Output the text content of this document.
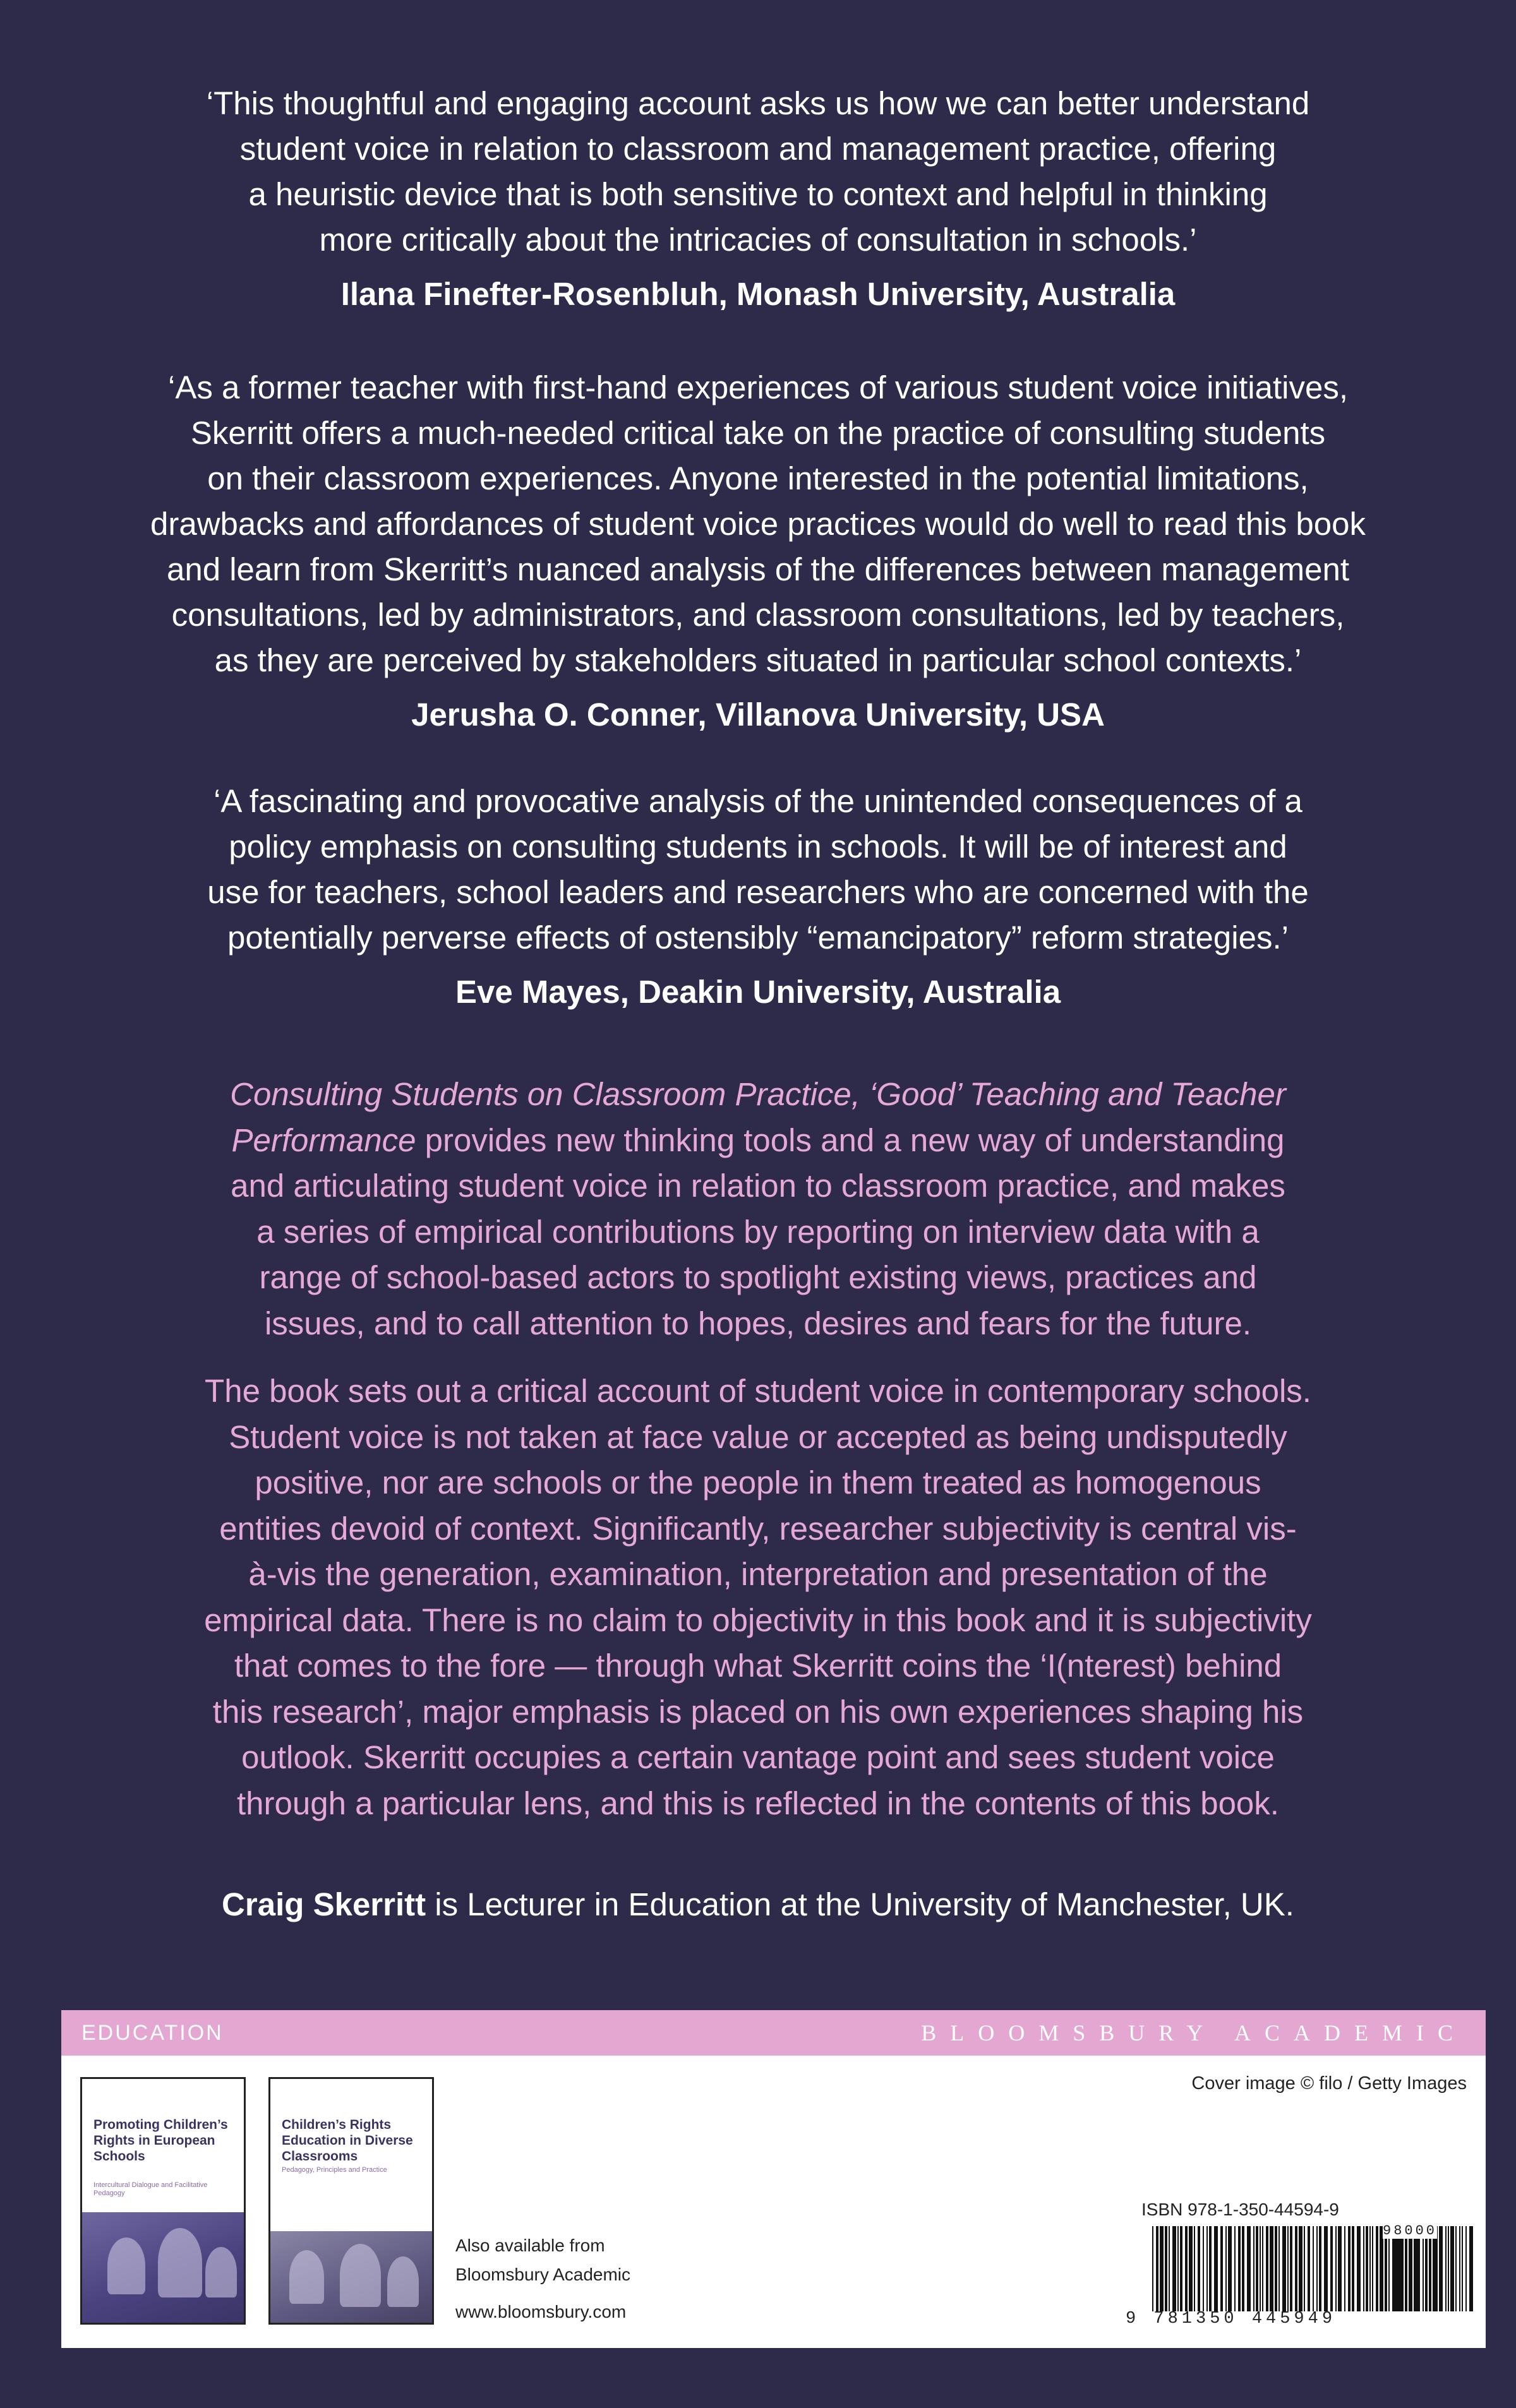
‘This thoughtful and engaging account asks us how we can better understand
student voice in relation to classroom and management practice, offering
a heuristic device that is both sensitive to context and helpful in thinking
more critically about the intricacies of consultation in schools.’

Ilana Finefter-Rosenbluh, Monash University, Australia

‘As a former teacher with first-hand experiences of various student voice initiatives,
Skerritt offers a much-needed critical take on the practice of consulting students
on their classroom experiences. Anyone interested in the potential limitations,
drawbacks and affordances of student voice practices would do well to read this book
and learn from Skerritt’s nuanced analysis of the differences between management
consultations, led by administrators, and classroom consultations, led by teachers,
as they are perceived by stakeholders situated in particular school contexts.’

Jerusha O. Conner, Villanova University, USA

‘A fascinating and provocative analysis of the unintended consequences of a
policy emphasis on consulting students in schools. It will be of interest and
use for teachers, school leaders and researchers who are concerned with the
potentially perverse effects of ostensibly “emancipatory” reform strategies.’

Eve Mayes, Deakin University, Australia

Consulting Students on Classroom Practice, ‘Good’ Teaching and Teacher
Performance provides new thinking tools and a new way of understanding
and articulating student voice in relation to classroom practice, and makes
a series of empirical contributions by reporting on interview data with a
range of school-based actors to spotlight existing views, practices and
issues, and to call attention to hopes, desires and fears for the future.

The book sets out a critical account of student voice in contemporary schools.
Student voice is not taken at face value or accepted as being undisputedly
positive, nor are schools or the people in them treated as homogenous
entities devoid of context. Significantly, researcher subjectivity is central vis-
à-vis the generation, examination, interpretation and presentation of the
empirical data. There is no claim to objectivity in this book and it is subjectivity
that comes to the fore — through what Skerritt coins the ‘I(nterest) behind
this research’, major emphasis is placed on his own experiences shaping his
outlook. Skerritt occupies a certain vantage point and sees student voice
through a particular lens, and this is reflected in the contents of this book.

Craig Skerritt is Lecturer in Education at the University of Manchester, UK.

EDUCATION	BLOOMSBURY ACADEMIC
Cover image © filo / Getty Images
Promoting Children’s Rights in European Schools
Intercultural Dialogue and Facilitative Pedagogy
Children’s Rights Education in Diverse Classrooms
Pedagogy, Principles and Practice
Also available from
Bloomsbury Academic
www.bloomsbury.com
ISBN 978-1-350-44594-9
9 781350 445949
98000
